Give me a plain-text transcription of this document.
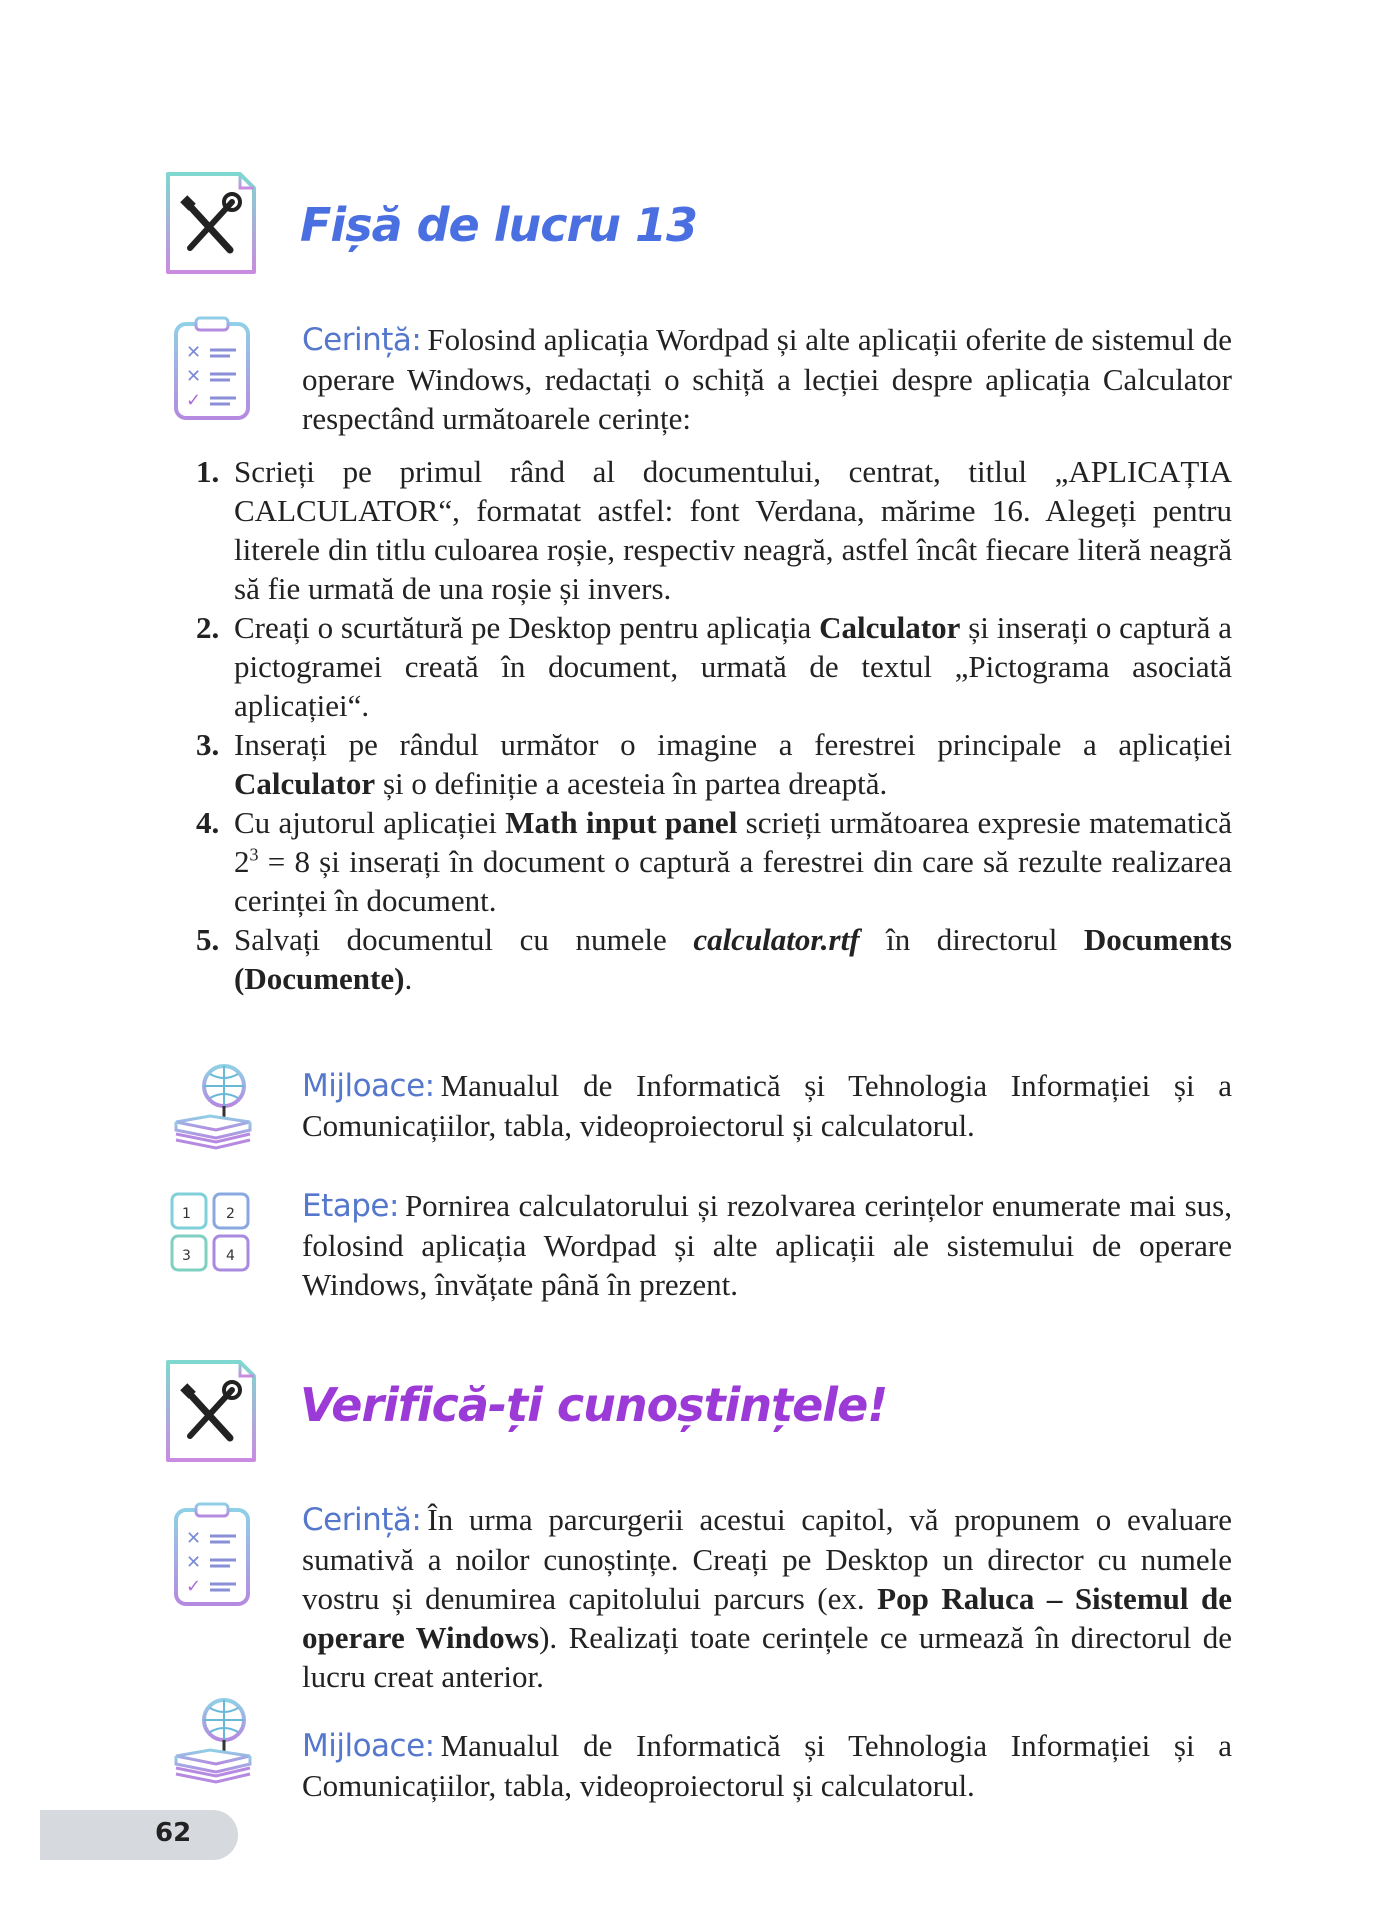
Fișă de lucru 13
✕
✕
✓
Cerință: Folosind aplicația Wordpad și alte aplicații oferite de sistemul de operare Windows, redactați o schiță a lecției despre aplicația Calculator respectând următoarele cerințe:
1. Scrieți pe primul rând al documentului, centrat, titlul „APLICAȚIA CALCULATOR“, formatat astfel: font Verdana, mărime 16. Alegeți pentru literele din titlu culoarea roșie, respectiv neagră, astfel încât fiecare literă neagră să fie urmată de una roșie și invers.
2. Creați o scurtătură pe Desktop pentru aplicația Calculator și inserați o captură a pictogramei creată în document, urmată de textul „Pictograma asociată aplicației“.
3. Inserați pe rândul următor o imagine a ferestrei principale a aplicației Calculator și o definiție a acesteia în partea dreaptă.
4. Cu ajutorul aplicației Math input panel scrieți următoarea expresie matematică $2^3 = 8$ și inserați în document o captură a ferestrei din care să rezulte realizarea cerinței în document.
5. Salvați documentul cu numele calculator.rtf în directorul Documents (Documente).
Mijloace: Manualul de Informatică și Tehnologia Informației și a Comunicațiilor, tabla, videoproiectorul și calculatorul.
1	2
3	4
Etape: Pornirea calculatorului și rezolvarea cerințelor enumerate mai sus, folosind aplicația Wordpad și alte aplicații ale sistemului de operare Windows, învățate până în prezent.
Verifică-ți cunoștințele!
✕
✕
✓
Cerință: În urma parcurgerii acestui capitol, vă propunem o evaluare sumativă a noilor cunoștințe. Creați pe Desktop un director cu numele vostru și denumirea capitolului parcurs (ex. Pop Raluca – Sistemul de operare Windows). Realizați toate cerințele ce urmează în directorul de lucru creat anterior.
Mijloace: Manualul de Informatică și Tehnologia Informației și a Comunicațiilor, tabla, videoproiectorul și calculatorul.
62
